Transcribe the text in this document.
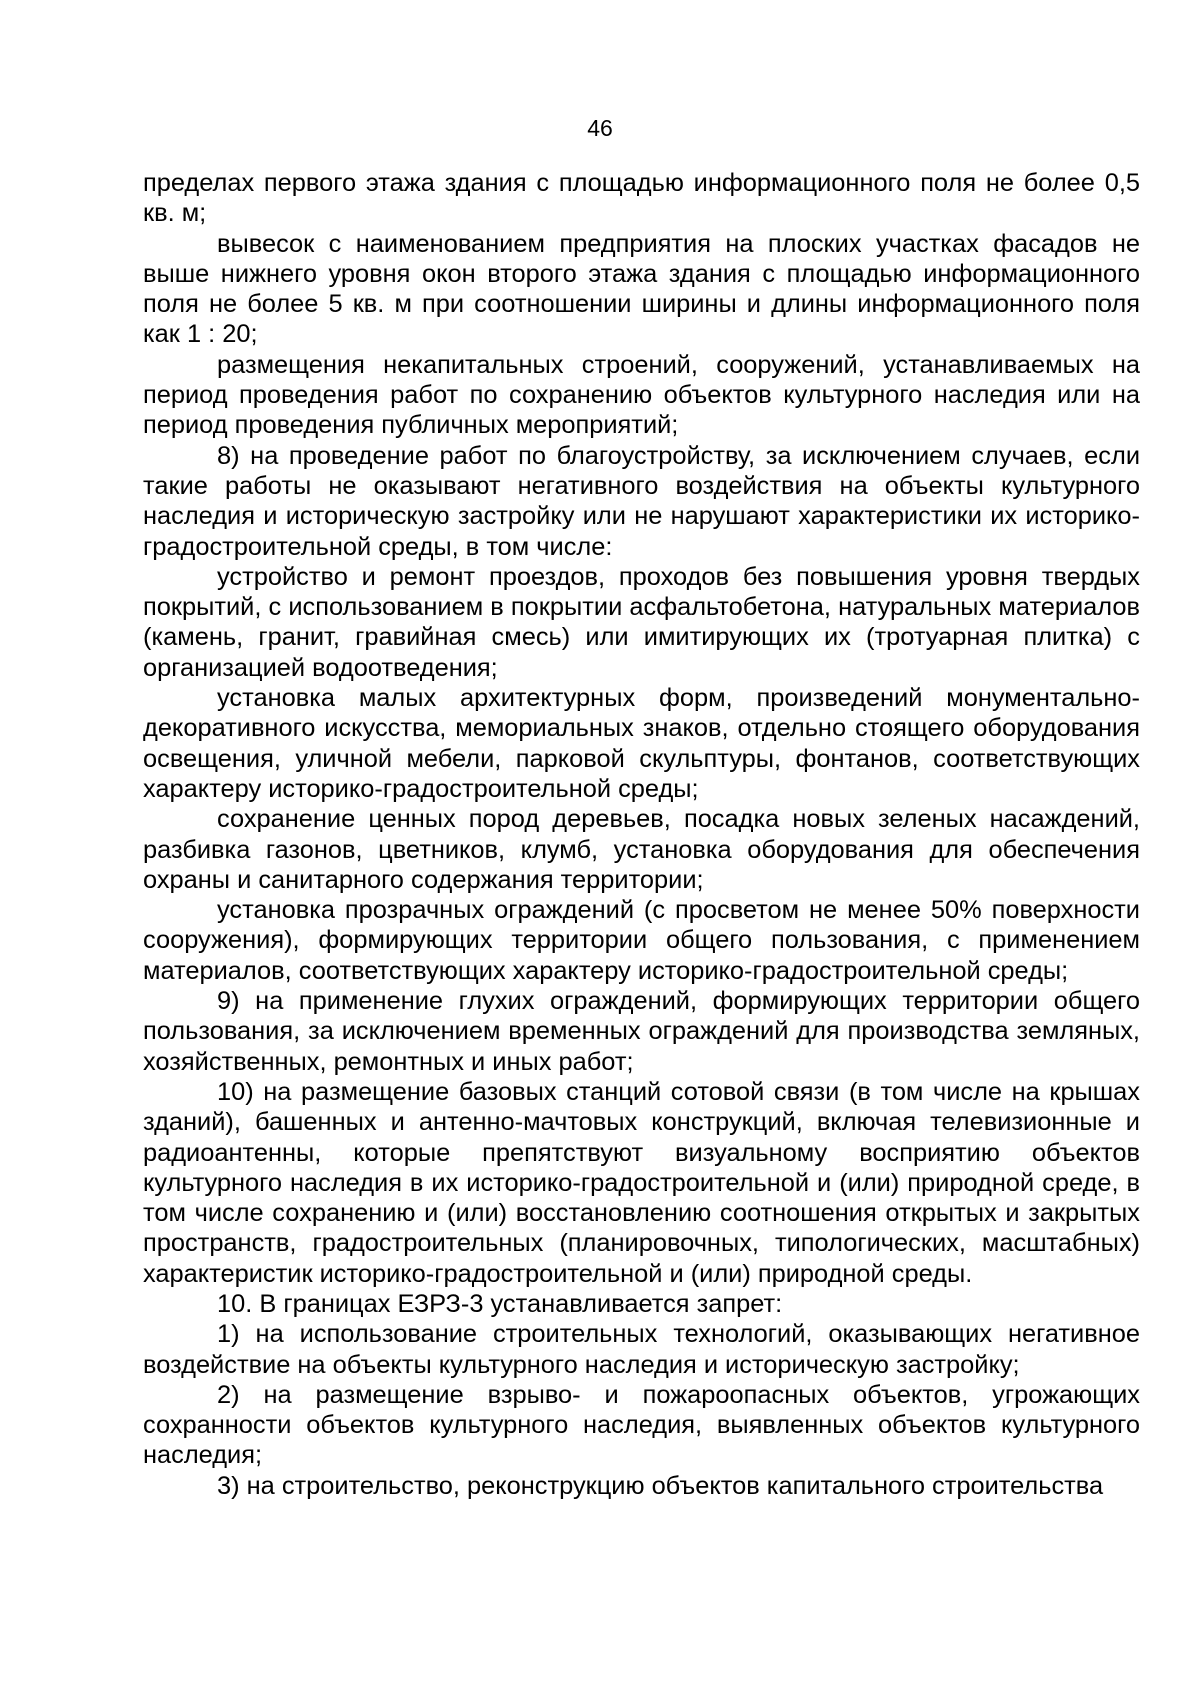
46

пределах первого этажа здания с площадью информационного поля не более 0,5 кв. м;

вывесок с наименованием предприятия на плоских участках фасадов не выше нижнего уровня окон второго этажа здания с площадью информационного поля не более 5 кв. м при соотношении ширины и длины информационного поля как 1 : 20;

размещения некапитальных строений, сооружений, устанавливаемых на период проведения работ по сохранению объектов культурного наследия или на период проведения публичных мероприятий;

8) на проведение работ по благоустройству, за исключением случаев, если такие работы не оказывают негативного воздействия на объекты культурного наследия и историческую застройку или не нарушают характеристики их историко-градостроительной среды, в том числе:

устройство и ремонт проездов, проходов без повышения уровня твердых покрытий, с использованием в покрытии асфальтобетона, натуральных материалов (камень, гранит, гравийная смесь) или имитирующих их (тротуарная плитка) с организацией водоотведения;

установка малых архитектурных форм, произведений монументально-декоративного искусства, мемориальных знаков, отдельно стоящего оборудования освещения, уличной мебели, парковой скульптуры, фонтанов, соответствующих характеру историко-градостроительной среды;

сохранение ценных пород деревьев, посадка новых зеленых насаждений, разбивка газонов, цветников, клумб, установка оборудования для обеспечения охраны и санитарного содержания территории;

установка прозрачных ограждений (с просветом не менее 50% поверхности сооружения), формирующих территории общего пользования, с применением материалов, соответствующих характеру историко-градостроительной среды;

9) на применение глухих ограждений, формирующих территории общего пользования, за исключением временных ограждений для производства земляных, хозяйственных, ремонтных и иных работ;

10) на размещение базовых станций сотовой связи (в том числе на крышах зданий), башенных и антенно-мачтовых конструкций, включая телевизионные и радиоантенны, которые препятствуют визуальному восприятию объектов культурного наследия в их историко-градостроительной и (или) природной среде, в том числе сохранению и (или) восстановлению соотношения открытых и закрытых пространств, градостроительных (планировочных, типологических, масштабных) характеристик историко-градостроительной и (или) природной среды.

10. В границах ЕЗРЗ-3 устанавливается запрет:

1) на использование строительных технологий, оказывающих негативное воздействие на объекты культурного наследия и историческую застройку;

2) на размещение взрыво- и пожароопасных объектов, угрожающих сохранности объектов культурного наследия, выявленных объектов культурного наследия;

3) на строительство, реконструкцию объектов капитального строительства
